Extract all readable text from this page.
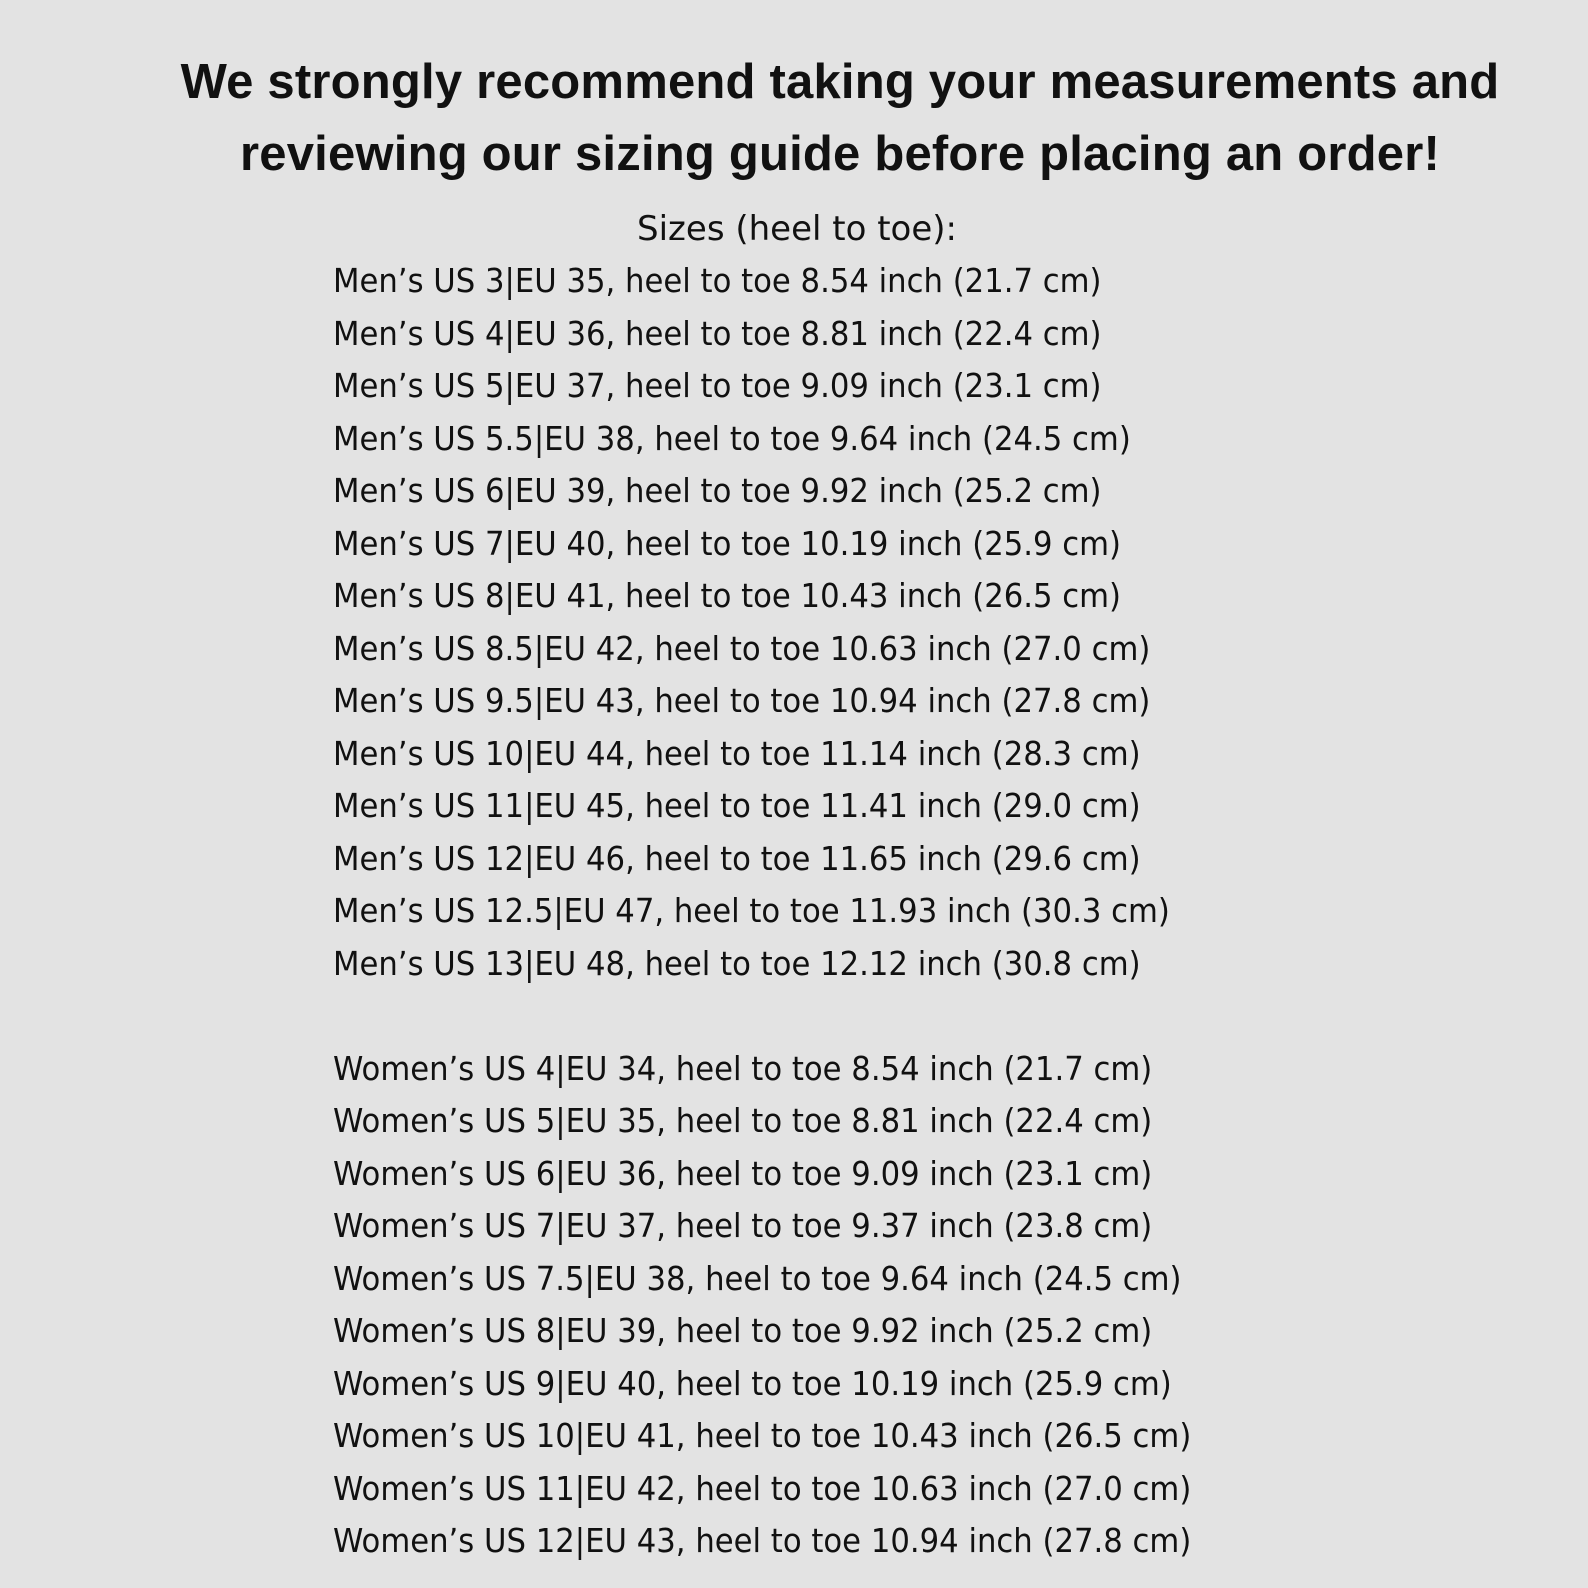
We strongly recommend taking your measurements and
reviewing our sizing guide before placing an order!

Sizes (heel to toe):

Men’s US 3|EU 35, heel to toe 8.54 inch (21.7 cm)
Men’s US 4|EU 36, heel to toe 8.81 inch (22.4 cm)
Men’s US 5|EU 37, heel to toe 9.09 inch (23.1 cm)
Men’s US 5.5|EU 38, heel to toe 9.64 inch (24.5 cm)
Men’s US 6|EU 39, heel to toe 9.92 inch (25.2 cm)
Men’s US 7|EU 40, heel to toe 10.19 inch (25.9 cm)
Men’s US 8|EU 41, heel to toe 10.43 inch (26.5 cm)
Men’s US 8.5|EU 42, heel to toe 10.63 inch (27.0 cm)
Men’s US 9.5|EU 43, heel to toe 10.94 inch (27.8 cm)
Men’s US 10|EU 44, heel to toe 11.14 inch (28.3 cm)
Men’s US 11|EU 45, heel to toe 11.41 inch (29.0 cm)
Men’s US 12|EU 46, heel to toe 11.65 inch (29.6 cm)
Men’s US 12.5|EU 47, heel to toe 11.93 inch (30.3 cm)
Men’s US 13|EU 48, heel to toe 12.12 inch (30.8 cm)
Women’s US 4|EU 34, heel to toe 8.54 inch (21.7 cm)
Women’s US 5|EU 35, heel to toe 8.81 inch (22.4 cm)
Women’s US 6|EU 36, heel to toe 9.09 inch (23.1 cm)
Women’s US 7|EU 37, heel to toe 9.37 inch (23.8 cm)
Women’s US 7.5|EU 38, heel to toe 9.64 inch (24.5 cm)
Women’s US 8|EU 39, heel to toe 9.92 inch (25.2 cm)
Women’s US 9|EU 40, heel to toe 10.19 inch (25.9 cm)
Women’s US 10|EU 41, heel to toe 10.43 inch (26.5 cm)
Women’s US 11|EU 42, heel to toe 10.63 inch (27.0 cm)
Women’s US 12|EU 43, heel to toe 10.94 inch (27.8 cm)
